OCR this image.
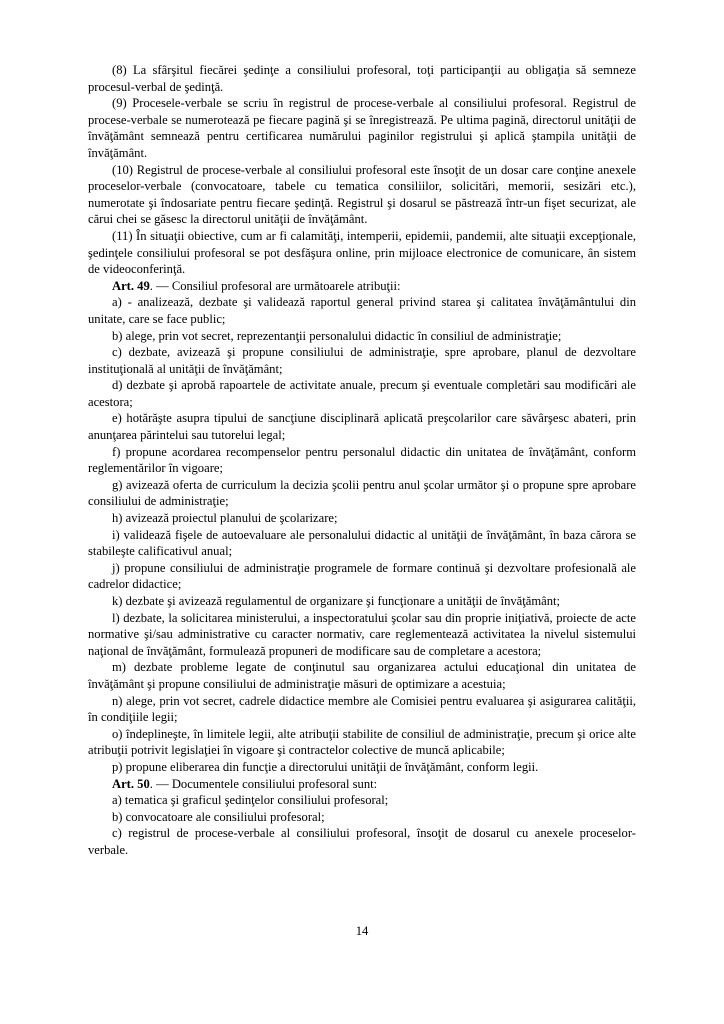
(8) La sfârşitul fiecărei şedinţe a consiliului profesoral, toţi participanţii au obligaţia să semneze procesul-verbal de şedinţă.

(9) Procesele-verbale se scriu în registrul de procese-verbale al consiliului profesoral. Registrul de procese-verbale se numerotează pe fiecare pagină şi se înregistrează. Pe ultima pagină, directorul unităţii de învăţământ semnează pentru certificarea numărului paginilor registrului şi aplică ştampila unităţii de învăţământ.

(10) Registrul de procese-verbale al consiliului profesoral este însoţit de un dosar care conţine anexele proceselor-verbale (convocatoare, tabele cu tematica consiliilor, solicitări, memorii, sesizări etc.), numerotate şi îndosariate pentru fiecare şedinţă. Registrul şi dosarul se păstrează într-un fişet securizat, ale cărui chei se găsesc la directorul unităţii de învăţământ.

(11) În situaţii obiective, cum ar fi calamităţi, intemperii, epidemii, pandemii, alte situaţii excepţionale, şedinţele consiliului profesoral se pot desfăşura online, prin mijloace electronice de comunicare, ân sistem de videoconferinţă.

Art. 49. — Consiliul profesoral are următoarele atribuţii:

a) - analizează, dezbate şi validează raportul general privind starea şi calitatea învăţământului din unitate, care se face public;

b) alege, prin vot secret, reprezentanţii personalului didactic în consiliul de administraţie;

c) dezbate, avizează şi propune consiliului de administraţie, spre aprobare, planul de dezvoltare instituţională al unităţii de învăţământ;

d) dezbate şi aprobă rapoartele de activitate anuale, precum şi eventuale completări sau modificări ale acestora;

e) hotărăşte asupra tipului de sancţiune disciplinară aplicată preşcolarilor care săvârşesc abateri, prin anunţarea părintelui sau tutorelui legal;

f) propune acordarea recompenselor pentru personalul didactic din unitatea de învăţământ, conform reglementărilor în vigoare;

g) avizează oferta de curriculum la decizia şcolii pentru anul şcolar următor şi o propune spre aprobare consiliului de administraţie;

h) avizează proiectul planului de şcolarizare;

i) validează fişele de autoevaluare ale personalului didactic al unităţii de învăţământ, în baza cărora se stabileşte calificativul anual;

j) propune consiliului de administraţie programele de formare continuă şi dezvoltare profesională ale cadrelor didactice;

k) dezbate şi avizează regulamentul de organizare şi funcţionare a unităţii de învăţământ;

l) dezbate, la solicitarea ministerului, a inspectoratului şcolar sau din proprie iniţiativă, proiecte de acte normative şi/sau administrative cu caracter normativ, care reglementează activitatea la nivelul sistemului naţional de învăţământ, formulează propuneri de modificare sau de completare a acestora;

m) dezbate probleme legate de conţinutul sau organizarea actului educaţional din unitatea de învăţământ şi propune consiliului de administraţie măsuri de optimizare a acestuia;

n) alege, prin vot secret, cadrele didactice membre ale Comisiei pentru evaluarea şi asigurarea calităţii, în condiţiile legii;

o) îndeplineşte, în limitele legii, alte atribuţii stabilite de consiliul de administraţie, precum şi orice alte atribuţii potrivit legislaţiei în vigoare şi contractelor colective de muncă aplicabile;

p) propune eliberarea din funcţie a directorului unităţii de învăţământ, conform legii.

Art. 50. — Documentele consiliului profesoral sunt:

a) tematica şi graficul şedinţelor consiliului profesoral;

b) convocatoare ale consiliului profesoral;

c) registrul de procese-verbale al consiliului profesoral, însoţit de dosarul cu anexele proceselor-verbale.

14
